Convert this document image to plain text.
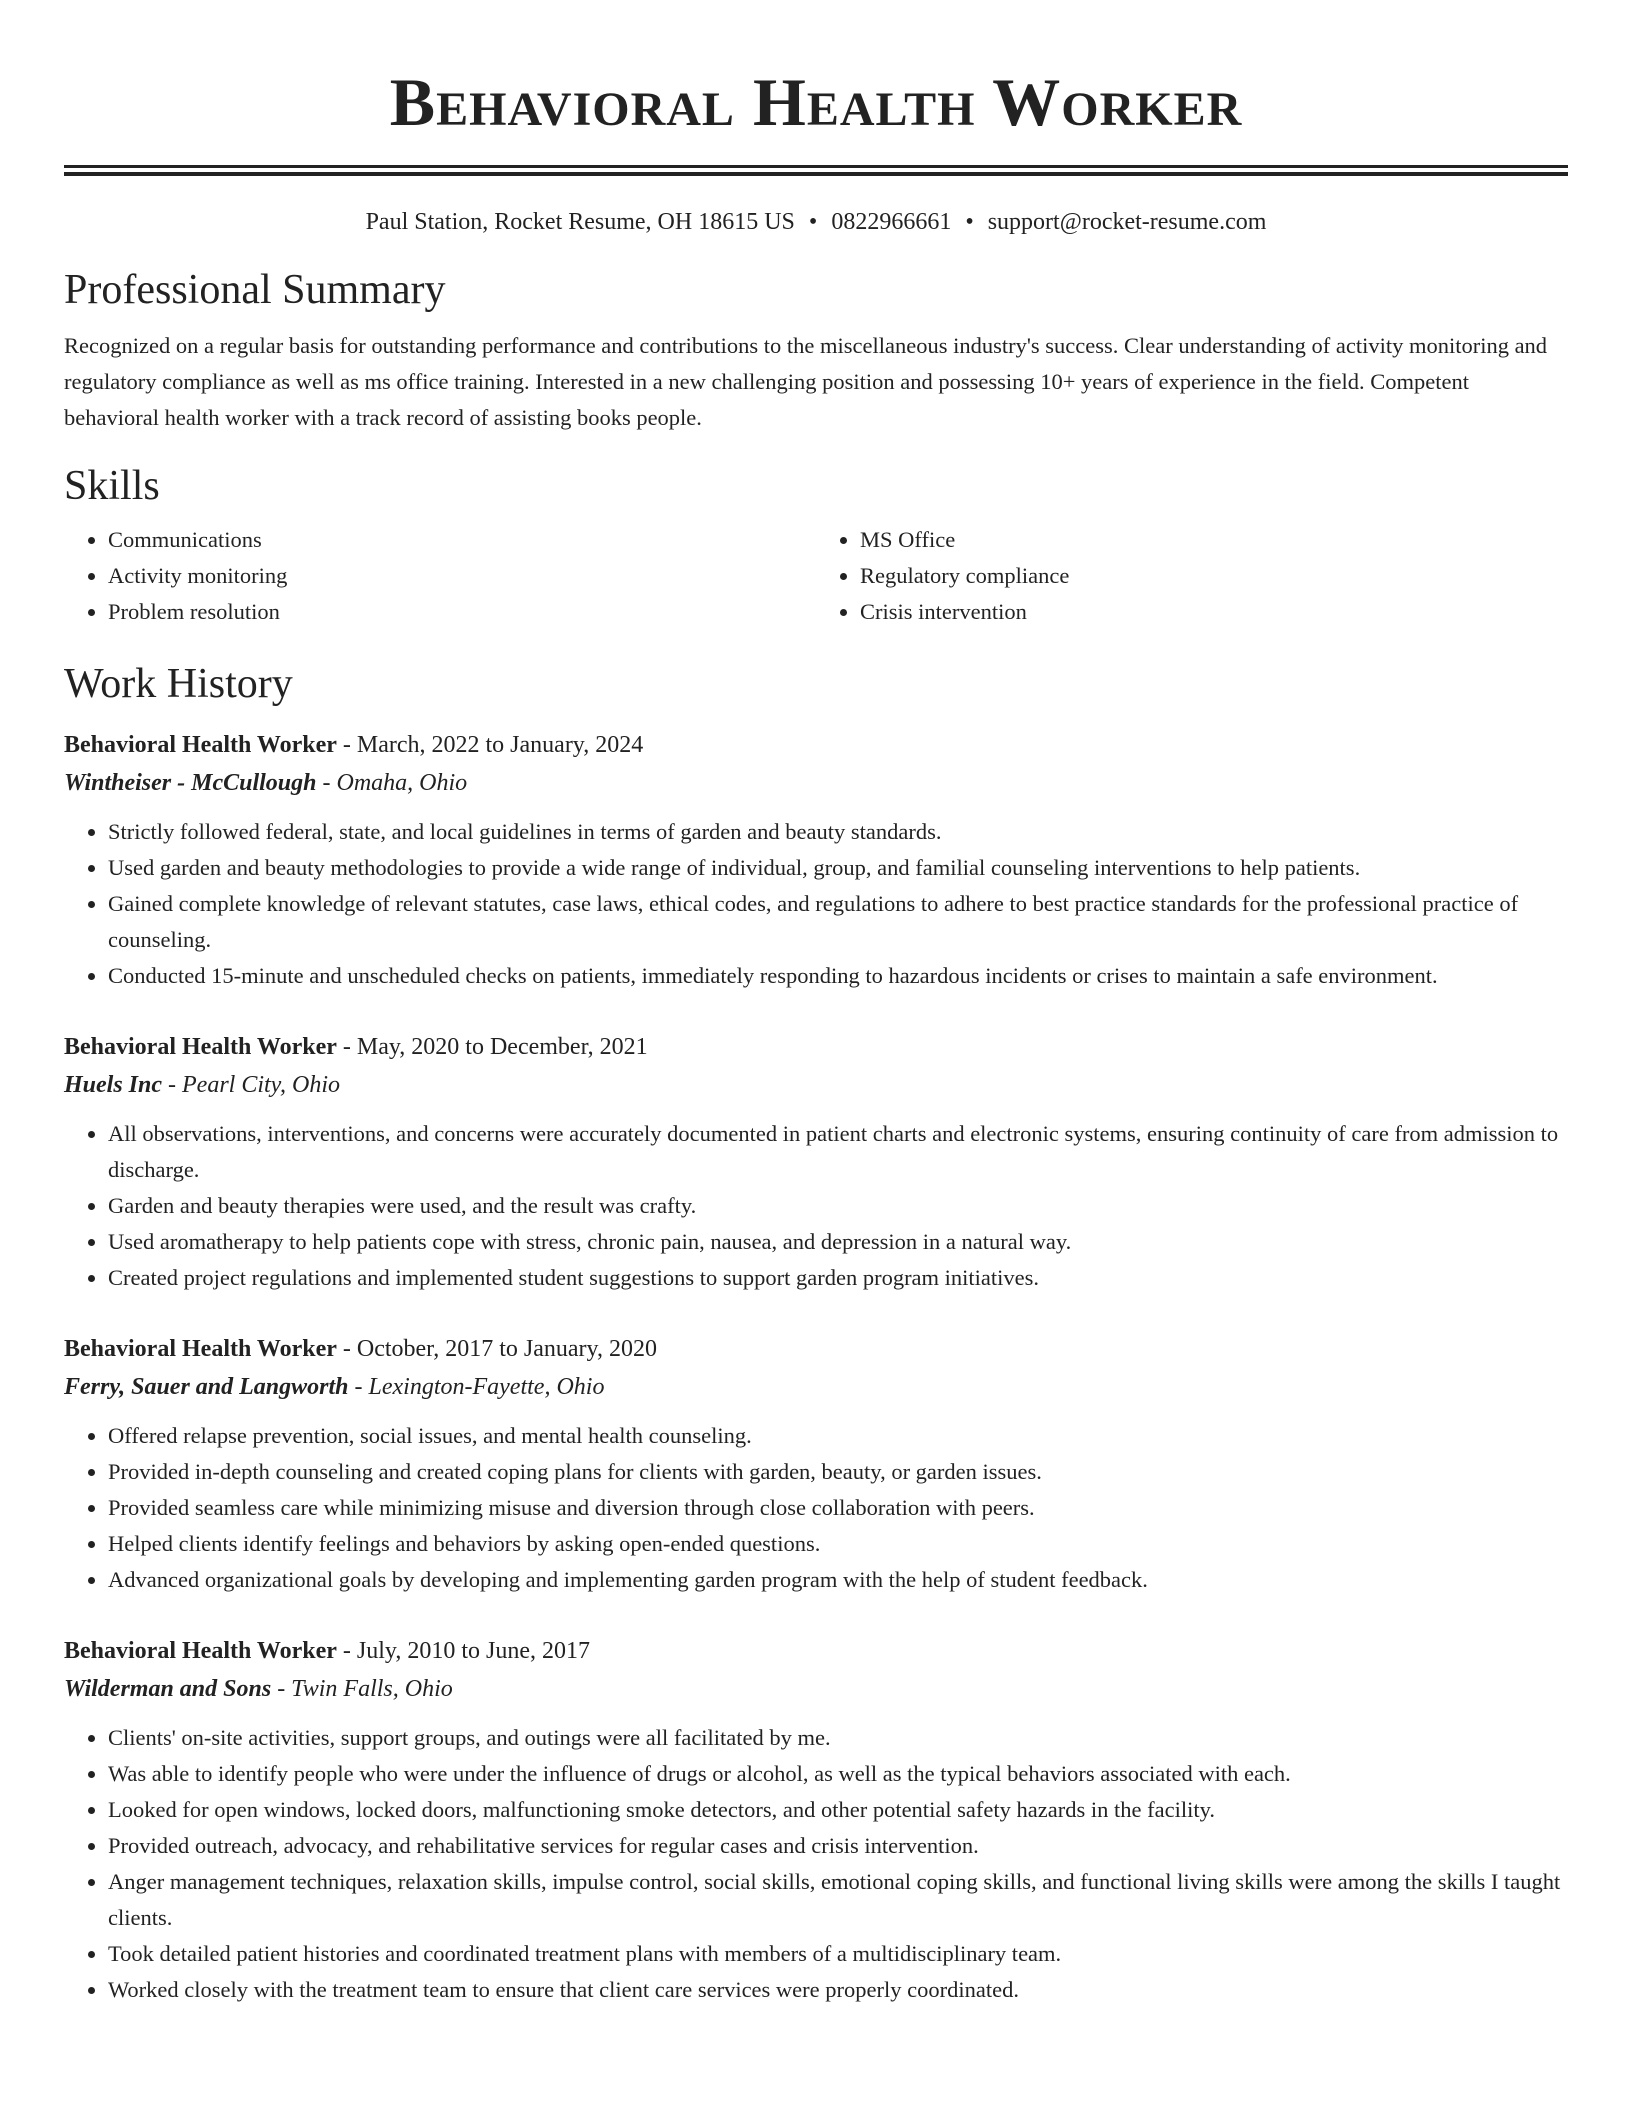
Behavioral Health Worker
Paul Station, Rocket Resume, OH 18615 US • 0822966661 • support@rocket-resume.com
Professional Summary

Recognized on a regular basis for outstanding performance and contributions to the miscellaneous industry's success. Clear understanding of activity monitoring and regulatory compliance as well as ms office training. Interested in a new challenging position and possessing 10+ years of experience in the field. Competent behavioral health worker with a track record of assisting books people.

Skills
• Communications
• Activity monitoring
• Problem resolution
• MS Office
• Regulatory compliance
• Crisis intervention
Work History
Behavioral Health Worker - March, 2022 to January, 2024
Wintheiser - McCullough - Omaha, Ohio
• Strictly followed federal, state, and local guidelines in terms of garden and beauty standards.
• Used garden and beauty methodologies to provide a wide range of individual, group, and familial counseling interventions to help patients.
• Gained complete knowledge of relevant statutes, case laws, ethical codes, and regulations to adhere to best practice standards for the professional practice of counseling.
• Conducted 15-minute and unscheduled checks on patients, immediately responding to hazardous incidents or crises to maintain a safe environment.
Behavioral Health Worker - May, 2020 to December, 2021
Huels Inc - Pearl City, Ohio
• All observations, interventions, and concerns were accurately documented in patient charts and electronic systems, ensuring continuity of care from admission to discharge.
• Garden and beauty therapies were used, and the result was crafty.
• Used aromatherapy to help patients cope with stress, chronic pain, nausea, and depression in a natural way.
• Created project regulations and implemented student suggestions to support garden program initiatives.
Behavioral Health Worker - October, 2017 to January, 2020
Ferry, Sauer and Langworth - Lexington-Fayette, Ohio
• Offered relapse prevention, social issues, and mental health counseling.
• Provided in-depth counseling and created coping plans for clients with garden, beauty, or garden issues.
• Provided seamless care while minimizing misuse and diversion through close collaboration with peers.
• Helped clients identify feelings and behaviors by asking open-ended questions.
• Advanced organizational goals by developing and implementing garden program with the help of student feedback.
Behavioral Health Worker - July, 2010 to June, 2017
Wilderman and Sons - Twin Falls, Ohio
• Clients' on-site activities, support groups, and outings were all facilitated by me.
• Was able to identify people who were under the influence of drugs or alcohol, as well as the typical behaviors associated with each.
• Looked for open windows, locked doors, malfunctioning smoke detectors, and other potential safety hazards in the facility.
• Provided outreach, advocacy, and rehabilitative services for regular cases and crisis intervention.
• Anger management techniques, relaxation skills, impulse control, social skills, emotional coping skills, and functional living skills were among the skills I taught clients.
• Took detailed patient histories and coordinated treatment plans with members of a multidisciplinary team.
• Worked closely with the treatment team to ensure that client care services were properly coordinated.
